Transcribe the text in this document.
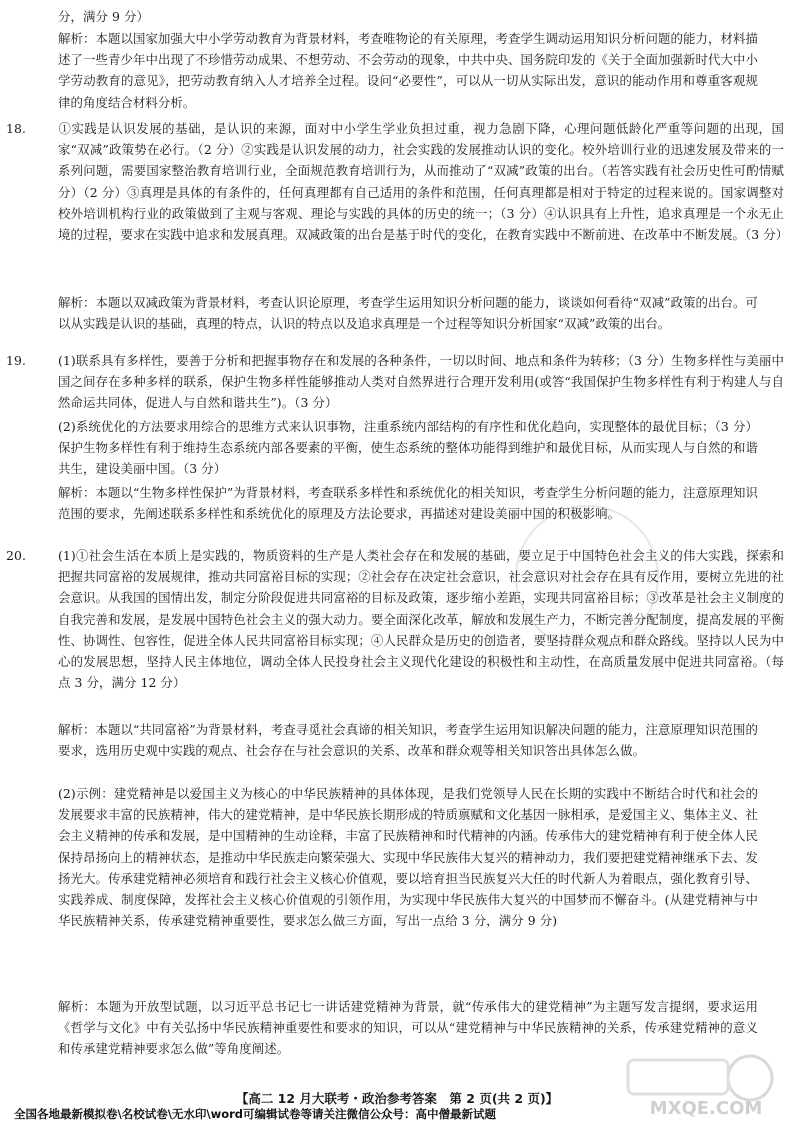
分，满分 9 分）
解析：本题以国家加强大中小学劳动教育为背景材料，考查唯物论的有关原理，考查学生调动运用知识分析问题的能力，材料描述了一些青少年中出现了不珍惜劳动成果、不想劳动、不会劳动的现象，中共中央、国务院印发的《关于全面加强新时代大中小学劳动教育的意见》，把劳动教育纳入人才培养全过程。设问“必要性”，可以从一切从实际出发，意识的能动作用和尊重客观规律的角度结合材料分析。
18.	①实践是认识发展的基础，是认识的来源，面对中小学生学业负担过重，视力急剧下降，心理问题低龄化严重等问题的出现，国家“双减”政策势在必行。（2 分）②实践是认识发展的动力，社会实践的发展推动认识的变化。校外培训行业的迅速发展及带来的一系列问题，需要国家整治教育培训行业，全面规范教育培训行为，从而推动了“双减”政策的出台。（若答实践有社会历史性可酌情赋分）（2 分）③真理是具体的有条件的，任何真理都有自己适用的条件和范围，任何真理都是相对于特定的过程来说的。国家调整对校外培训机构行业的政策做到了主观与客观、理论与实践的具体的历史的统一；（3 分）④认识具有上升性，追求真理是一个永无止境的过程，要求在实践中追求和发展真理。双减政策的出台是基于时代的变化，在教育实践中不断前进、在改革中不断发展。（3 分）
解析：本题以双减政策为背景材料，考查认识论原理，考查学生运用知识分析问题的能力，谈谈如何看待“双减”政策的出台。可以从实践是认识的基础，真理的特点，认识的特点以及追求真理是一个过程等知识分析国家“双减”政策的出台。
19.	(1)联系具有多样性，要善于分析和把握事物存在和发展的各种条件，一切以时间、地点和条件为转移；（3 分）生物多样性与美丽中国之间存在多种多样的联系，保护生物多样性能够推动人类对自然界进行合理开发利用(或答“我国保护生物多样性有利于构建人与自然命运共同体，促进人与自然和谐共生”)。（3 分）
(2)系统优化的方法要求用综合的思维方式来认识事物，注重系统内部结构的有序性和优化趋向，实现整体的最优目标；（3 分）保护生物多样性有利于维持生态系统内部各要素的平衡，使生态系统的整体功能得到维护和最优目标，从而实现人与自然的和谐共生，建设美丽中国。（3 分）
解析：本题以“生物多样性保护”为背景材料，考查联系多样性和系统优化的相关知识，考查学生分析问题的能力，注意原理知识范围的要求，先阐述联系多样性和系统优化的原理及方法论要求，再描述对建设美丽中国的积极影响。
20.	(1)①社会生活在本质上是实践的，物质资料的生产是人类社会存在和发展的基础，要立足于中国特色社会主义的伟大实践，探索和把握共同富裕的发展规律，推动共同富裕目标的实现；②社会存在决定社会意识，社会意识对社会存在具有反作用，要树立先进的社会意识。从我国的国情出发，制定分阶段促进共同富裕的目标及政策，逐步缩小差距，实现共同富裕目标；③改革是社会主义制度的自我完善和发展，是发展中国特色社会主义的强大动力。要全面深化改革，解放和发展生产力，不断完善分配制度，提高发展的平衡性、协调性、包容性，促进全体人民共同富裕目标实现；④人民群众是历史的创造者，要坚持群众观点和群众路线。坚持以人民为中心的发展思想，坚持人民主体地位，调动全体人民投身社会主义现代化建设的积极性和主动性，在高质量发展中促进共同富裕。（每点 3 分，满分 12 分）
解析：本题以“共同富裕”为背景材料，考查寻觅社会真谛的相关知识，考查学生运用知识解决问题的能力，注意原理知识范围的要求，选用历史观中实践的观点、社会存在与社会意识的关系、改革和群众观等相关知识答出具体怎么做。
(2)示例：建党精神是以爱国主义为核心的中华民族精神的具体体现，是我们党领导人民在长期的实践中不断结合时代和社会的发展要求丰富的民族精神，伟大的建党精神，是中华民族长期形成的特质禀赋和文化基因一脉相承，是爱国主义、集体主义、社会主义精神的传承和发展，是中国精神的生动诠释，丰富了民族精神和时代精神的内涵。传承伟大的建党精神有利于使全体人民保持昂扬向上的精神状态，是推动中华民族走向繁荣强大、实现中华民族伟大复兴的精神动力，我们要把建党精神继承下去、发扬光大。传承建党精神必须培育和践行社会主义核心价值观，要以培育担当民族复兴大任的时代新人为着眼点，强化教育引导、实践养成、制度保障，发挥社会主义核心价值观的引领作用，为实现中华民族伟大复兴的中国梦而不懈奋斗。(从建党精神与中华民族精神关系，传承建党精神重要性，要求怎么做三方面，写出一点给 3 分，满分 9 分)
解析：本题为开放型试题，以习近平总书记七一讲话建党精神为背景，就“传承伟大的建党精神”为主题写发言提纲，要求运用《哲学与文化》中有关弘扬中华民族精神重要性和要求的知识，可以从“建党精神与中华民族精神的关系，传承建党精神的意义和传承建党精神要求怎么做”等角度阐述。
MXQE.COM
【高二 12 月大联考・政治参考答案　第 2 页(共 2 页)】
全国各地最新模拟卷\名校试卷\无水印\word可编辑试卷等请关注微信公众号：高中僧最新试题
